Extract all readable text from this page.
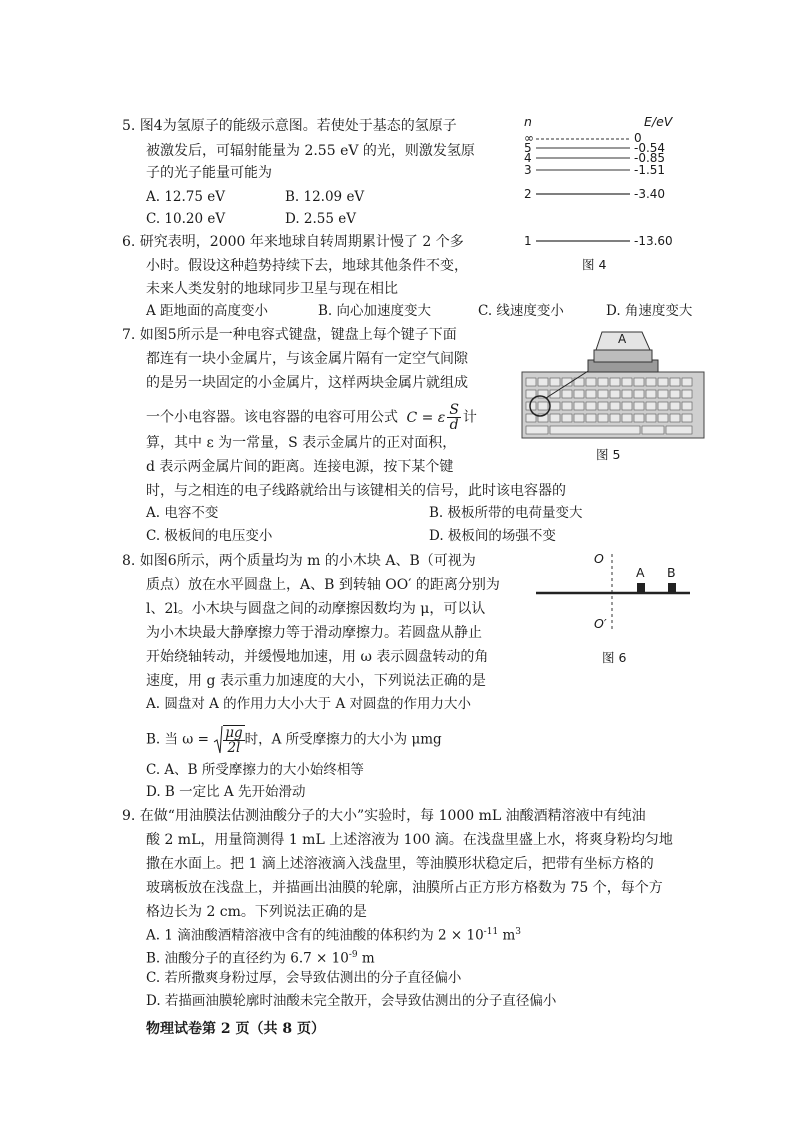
5. 图4为氢原子的能级示意图。若使处于基态的氢原子
被激发后，可辐射能量为 2.55 eV 的光，则激发氢原
子的光子能量可能为
A. 12.75 eV	B. 12.09 eV
C. 10.20 eV	D. 2.55 eV
n	E/eV
∞	0
5	-0.54
4	-0.85
3	-1.51
2	-3.40
1	-13.60
图 4
6. 研究表明，2000 年来地球自转周期累计慢了 2 个多
小时。假设这种趋势持续下去，地球其他条件不变，
未来人类发射的地球同步卫星与现在相比
A 距地面的高度变小	B. 向心加速度变大	C. 线速度变小	D. 角速度变大
7. 如图5所示是一种电容式键盘，键盘上每个键子下面
都连有一块小金属片，与该金属片隔有一定空气间隙
的是另一块固定的小金属片，这样两块金属片就组成
一个小电容器。该电容器的电容可用公式 C = ε $\frac{S}{d}$ 计
算，其中 ε 为一常量，S 表示金属片的正对面积，
d 表示两金属片间的距离。连接电源，按下某个键
时，与之相连的电子线路就给出与该键相关的信号，此时该电容器的
A. 电容不变	B. 极板所带的电荷量变大
C. 极板间的电压变小	D. 极板间的场强不变
A
图 5
8. 如图6所示，两个质量均为 m 的小木块 A、B（可视为
质点）放在水平圆盘上，A、B 到转轴 OO′ 的距离分别为
l、2l。小木块与圆盘之间的动摩擦因数均为 μ，可以认
为小木块最大静摩擦力等于滑动摩擦力。若圆盘从静止
开始绕轴转动，并缓慢地加速，用 ω 表示圆盘转动的角
速度，用 g 表示重力加速度的大小，下列说法正确的是
A. 圆盘对 A 的作用力大小大于 A 对圆盘的作用力大小
B. 当 $\omega = \frac{\mu g}{2l}$ 时，A 所受摩擦力的大小为 μmg
C. A、B 所受摩擦力的大小始终相等
D. B 一定比 A 先开始滑动
O
O′
A B
图 6
9. 在做“用油膜法估测油酸分子的大小”实验时，每 1000 mL 油酸酒精溶液中有纯油
酸 2 mL，用量筒测得 1 mL 上述溶液为 100 滴。在浅盘里盛上水，将爽身粉均匀地
撒在水面上。把 1 滴上述溶液滴入浅盘里，等油膜形状稳定后，把带有坐标方格的
玻璃板放在浅盘上，并描画出油膜的轮廓，油膜所占正方形方格数为 75 个，每个方
格边长为 2 cm。下列说法正确的是
A. 1 滴油酸酒精溶液中含有的纯油酸的体积约为 $2 \times 10^{-11}$ $m^3$
B. 油酸分子的直径约为 $6.7 \times 10^{-9}$ m
C. 若所撒爽身粉过厚，会导致估测出的分子直径偏小
D. 若描画油膜轮廓时油酸未完全散开，会导致估测出的分子直径偏小
物理试卷第 2 页（共 8 页）
